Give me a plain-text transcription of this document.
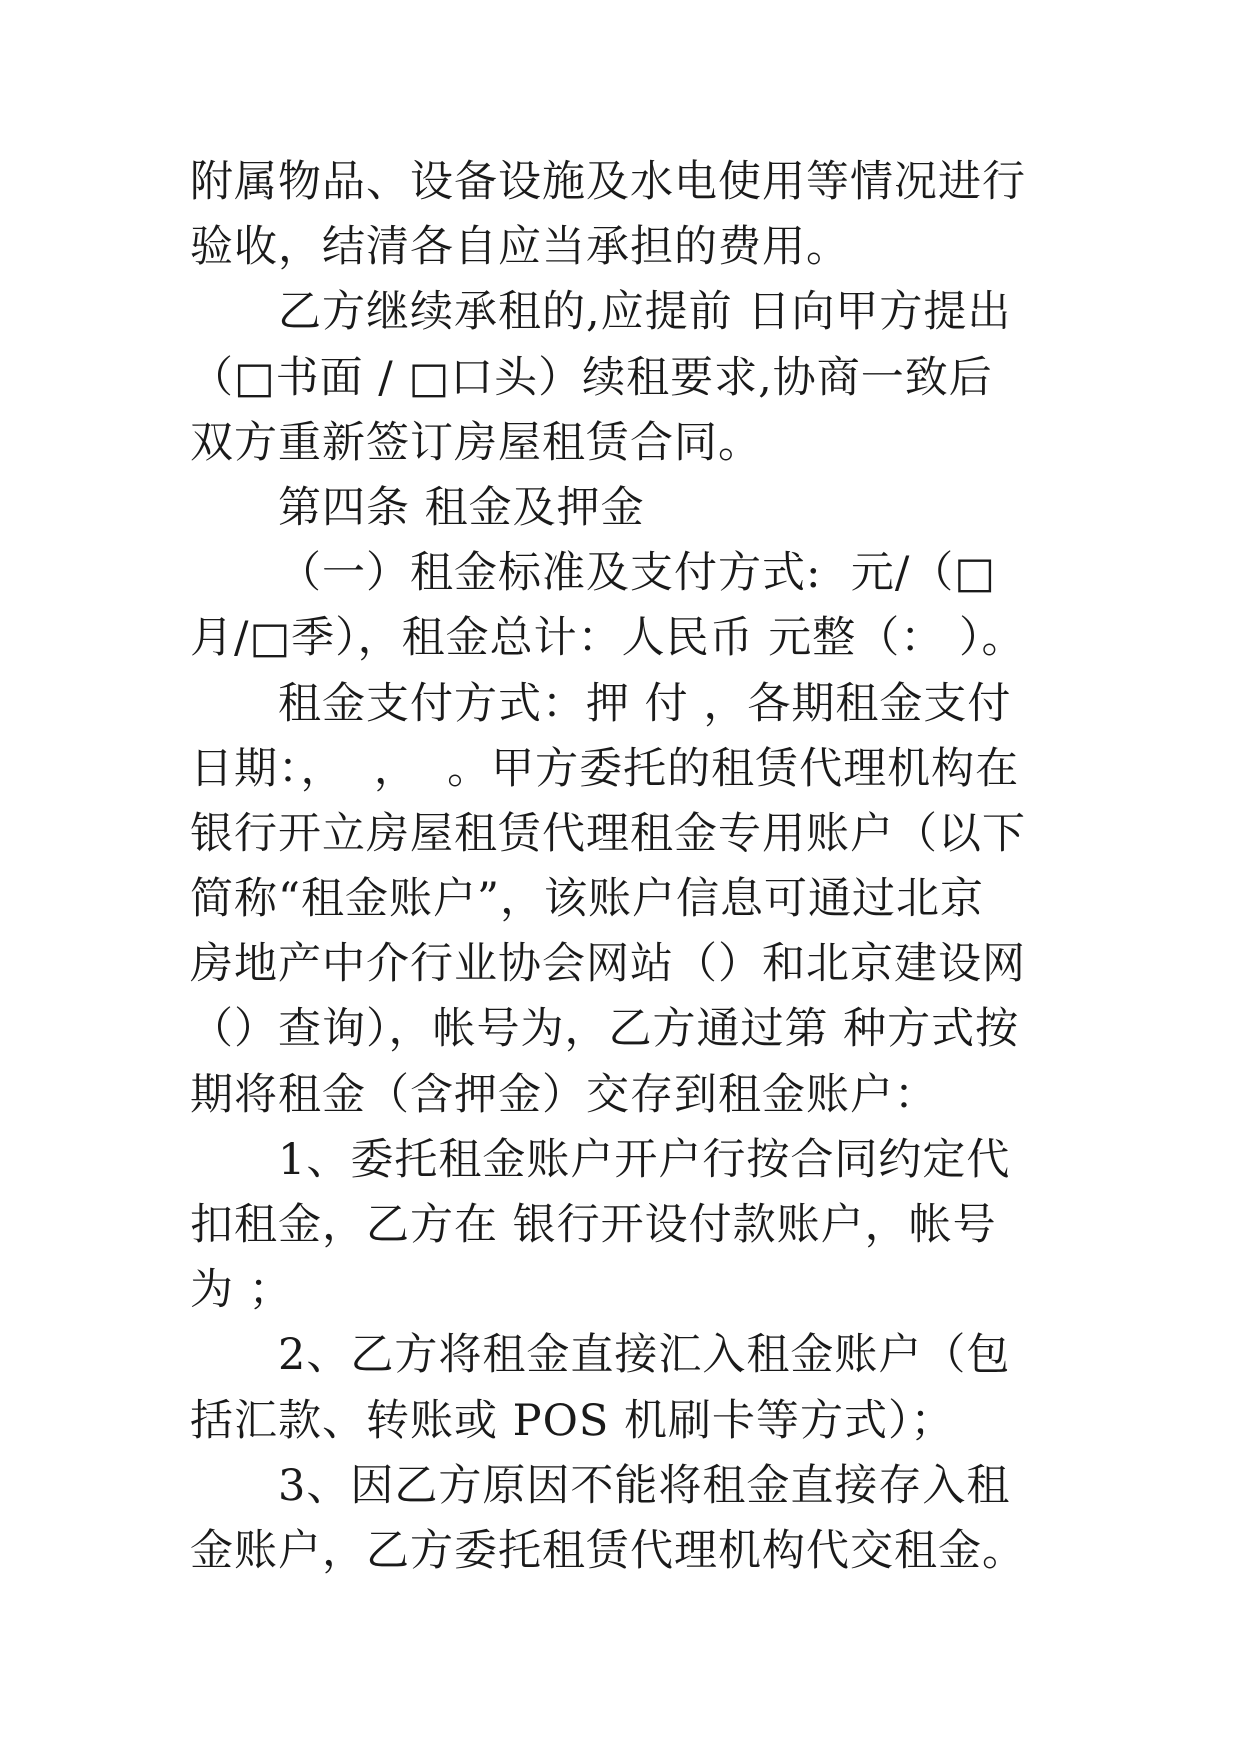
附属物品、设备设施及水电使用等情况进行
验收，结清各自应当承担的费用。
乙方继续承租的,应提前 日向甲方提出
（□书面 / □口头）续租要求,协商一致后
双方重新签订房屋租赁合同。
第四条 租金及押金
（一）租金标准及支付方式:  元/（□
月/□季），租金总计：人民币 元整（： ）。
租金支付方式：押 付 ，各期租金支付
日期：，  ，  。甲方委托的租赁代理机构在
银行开立房屋租赁代理租金专用账户（以下
简称“租金账户”，该账户信息可通过北京
房地产中介行业协会网站（）和北京建设网
（）查询），帐号为，乙方通过第 种方式按
期将租金（含押金）交存到租金账户：
1、委托租金账户开户行按合同约定代
扣租金，乙方在 银行开设付款账户，帐号
为 ；
2、乙方将租金直接汇入租金账户（包
括汇款、转账或 POS 机刷卡等方式）；
3、因乙方原因不能将租金直接存入租
金账户，乙方委托租赁代理机构代交租金。
